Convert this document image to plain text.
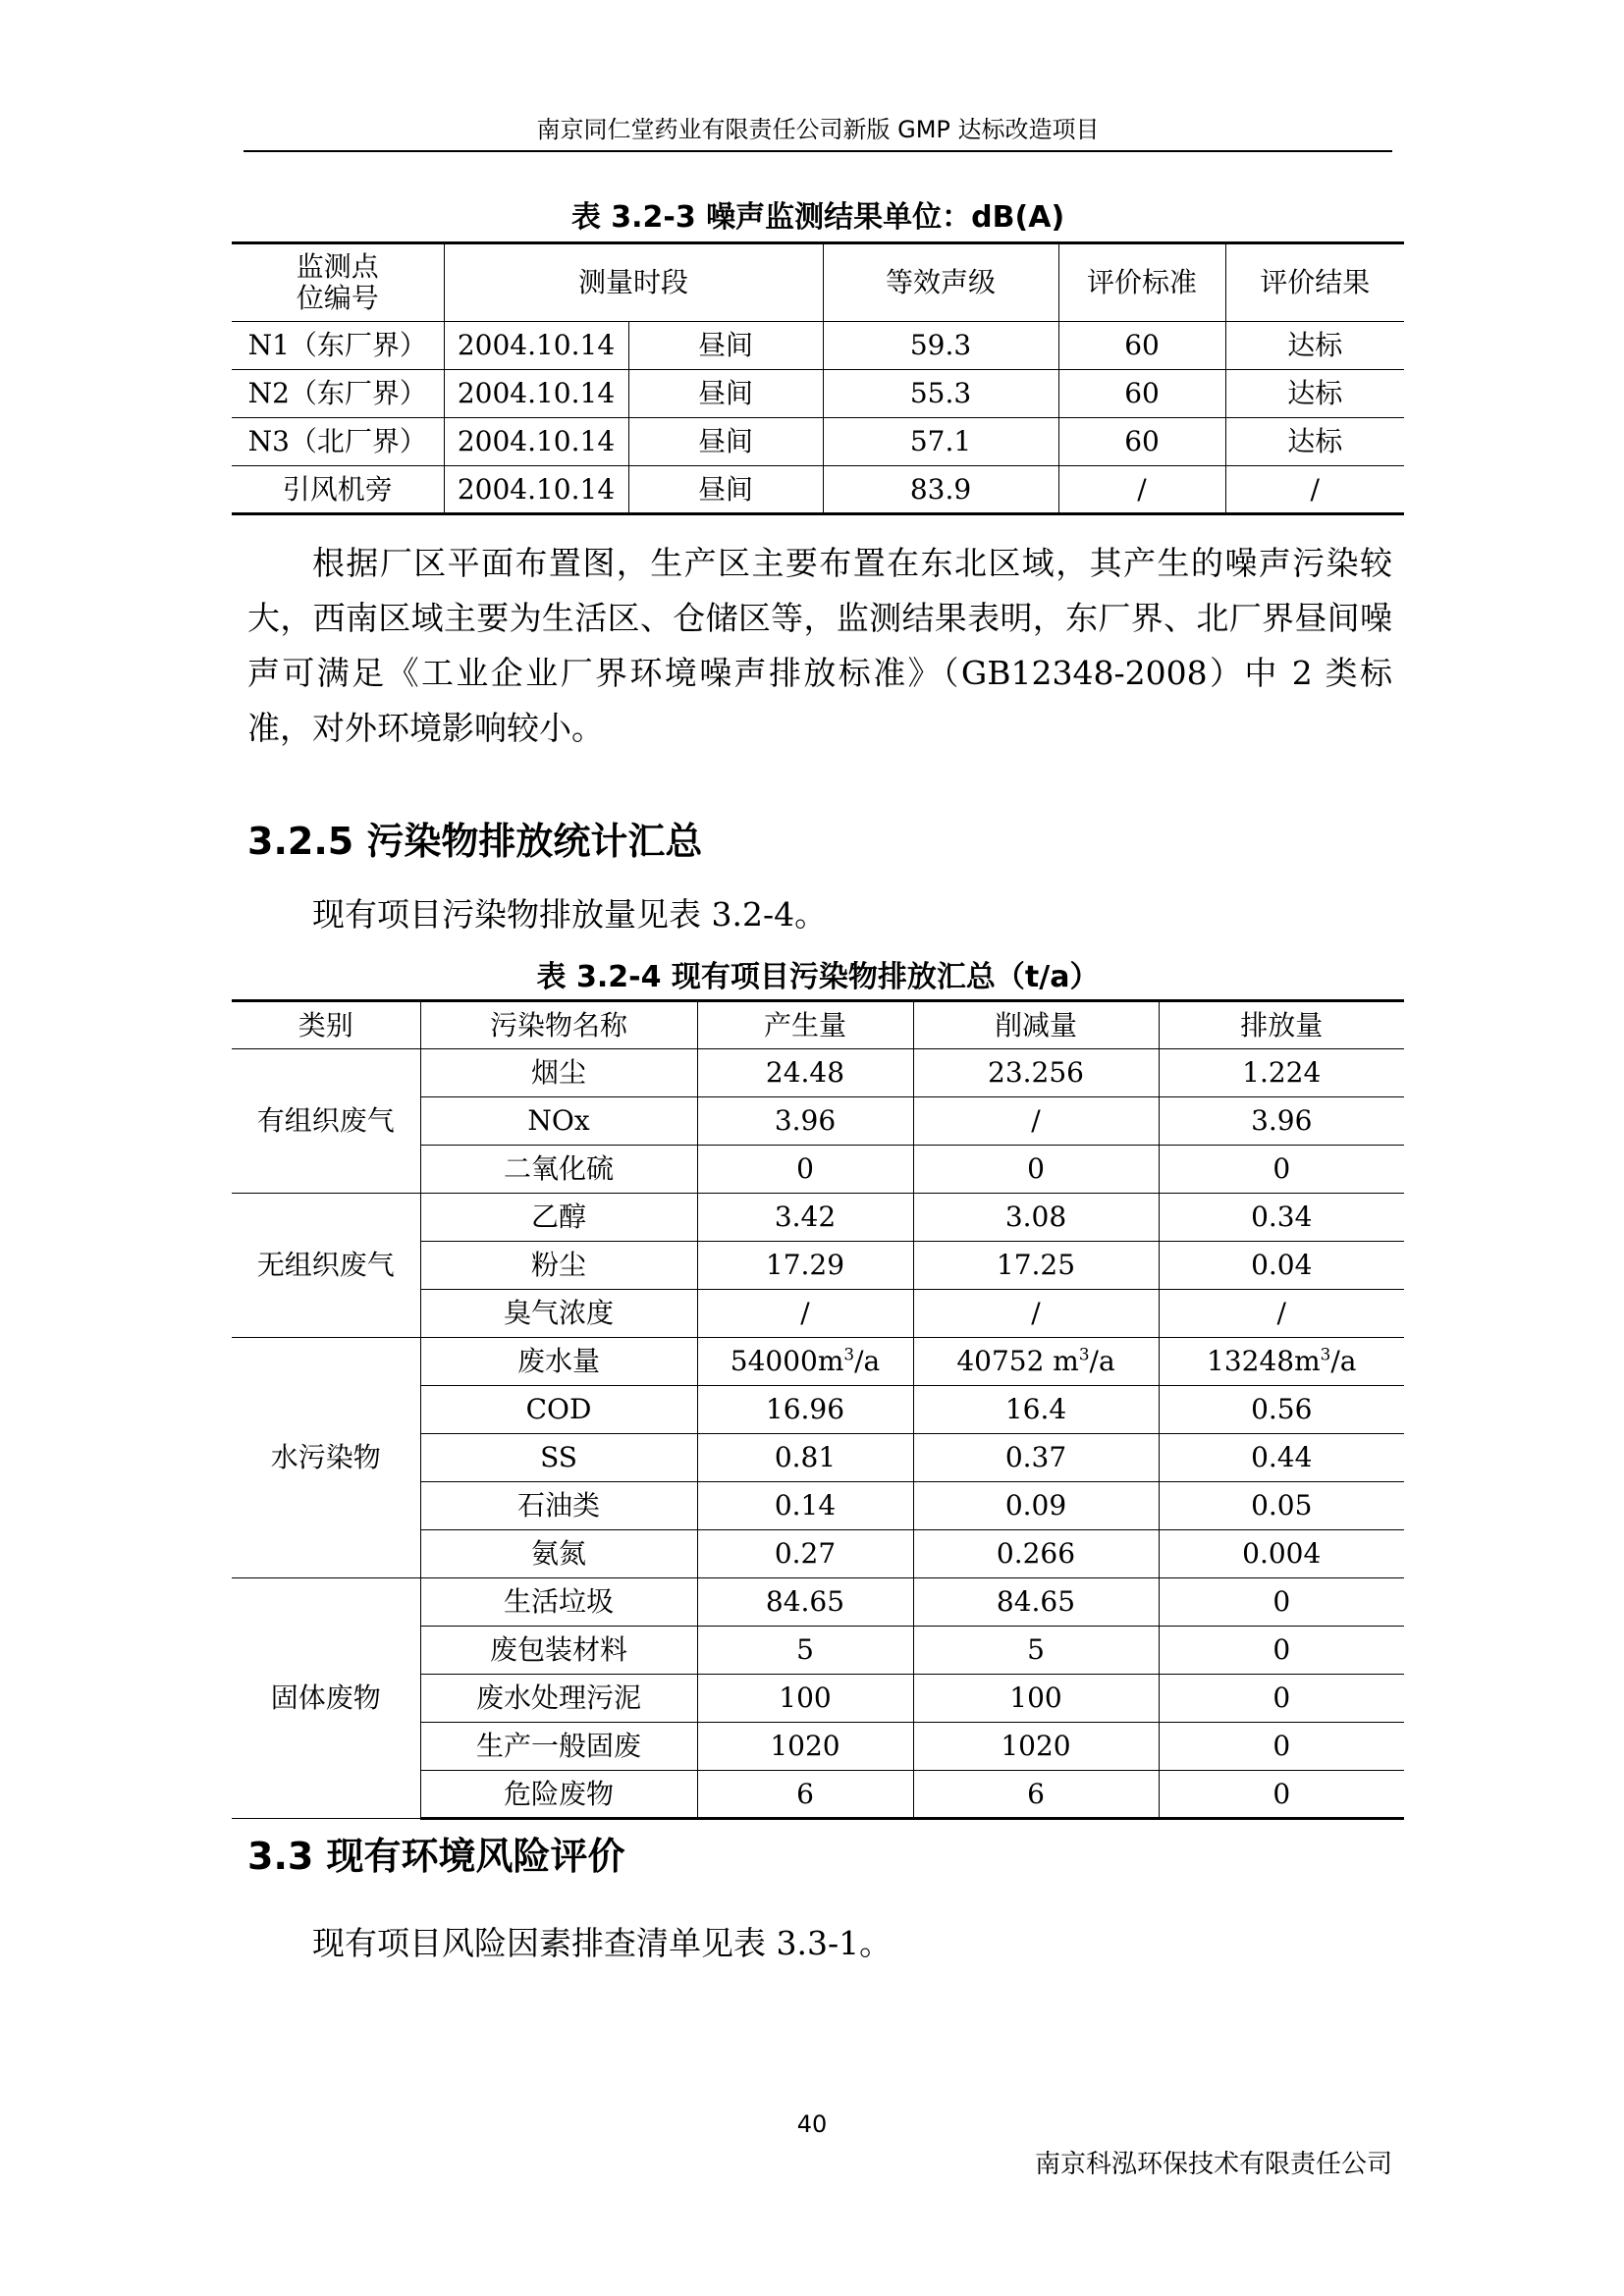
南京同仁堂药业有限责任公司新版 GMP 达标改造项目
表 3.2-3 噪声监测结果单位：dB(A)
监测点
位编号	测量时段		等效声级	评价标准	评价结果
N1（东厂界）	2004.10.14	昼间	59.3	60	达标
N2（东厂界）	2004.10.14	昼间	55.3	60	达标
N3（北厂界）	2004.10.14	昼间	57.1	60	达标
引风机旁	2004.10.14	昼间	83.9	/	/

根据厂区平面布置图，生产区主要布置在东北区域，其产生的噪声污染较大，西南区域主要为生活区、仓储区等，监测结果表明，东厂界、北厂界昼间噪声可满足《工业企业厂界环境噪声排放标准》（GB12348-2008）中 2 类标准，对外环境影响较小。

3.2.5 污染物排放统计汇总

现有项目污染物排放量见表 3.2-4。

表 3.2-4 现有项目污染物排放汇总（t/a）
类别	污染物名称	产生量	削减量	排放量
有组织废气	烟尘	24.48	23.256	1.224
	NOx	3.96	/	3.96
	二氧化硫	0	0	0
无组织废气	乙醇	3.42	3.08	0.34
	粉尘	17.29	17.25	0.04
	臭气浓度	/	/	/
水污染物	废水量	$54000m^3/a$	40752 $m^3/a$	$13248m^3/a$
	COD	16.96	16.4	0.56
	SS	0.81	0.37	0.44
	石油类	0.14	0.09	0.05
	氨氮	0.27	0.266	0.004
固体废物	生活垃圾	84.65	84.65	0
	废包装材料	5	5	0
	废水处理污泥	100	100	0
	生产一般固废	1020	1020	0
	危险废物	6	6	0
3.3 现有环境风险评价

现有项目风险因素排查清单见表 3.3-1。

40
南京科泓环保技术有限责任公司
